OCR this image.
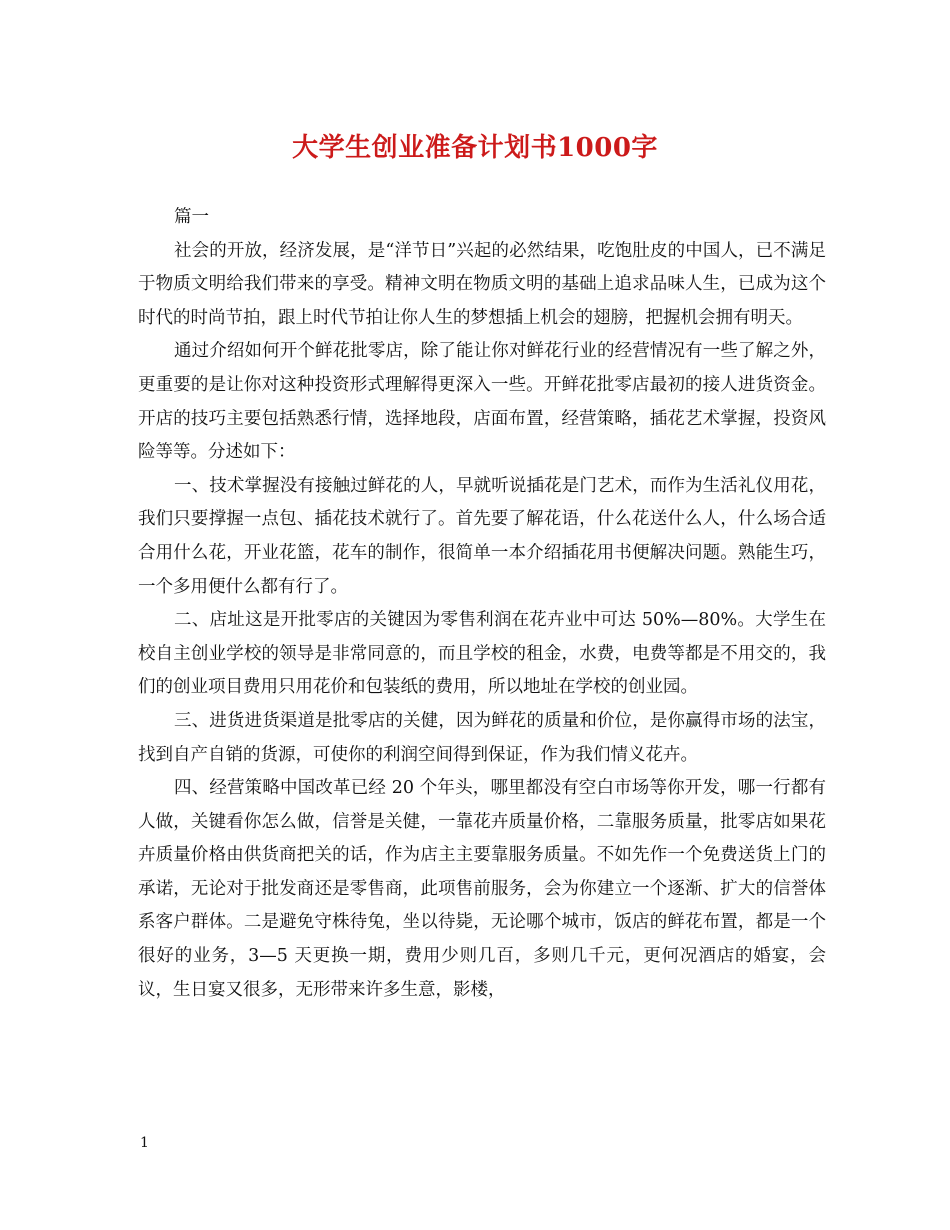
大学生创业准备计划书1000字

篇一

社会的开放，经济发展，是“洋节日”兴起的必然结果，吃饱肚皮的中国人，已不满足于物质文明给我们带来的享受。精神文明在物质文明的基础上追求品味人生，已成为这个时代的时尚节拍，跟上时代节拍让你人生的梦想插上机会的翅膀，把握机会拥有明天。

通过介绍如何开个鲜花批零店，除了能让你对鲜花行业的经营情况有一些了解之外，更重要的是让你对这种投资形式理解得更深入一些。开鲜花批零店最初的接人进货资金。开店的技巧主要包括熟悉行情，选择地段，店面布置，经营策略，插花艺术掌握，投资风险等等。分述如下：

一、技术掌握没有接触过鲜花的人，早就听说插花是门艺术，而作为生活礼仪用花，我们只要撑握一点包、插花技术就行了。首先要了解花语，什么花送什么人，什么场合适合用什么花，开业花篮，花车的制作，很简单一本介绍插花用书便解决问题。熟能生巧，一个多用便什么都有行了。

二、店址这是开批零店的关键因为零售利润在花卉业中可达 50%—80%。大学生在校自主创业学校的领导是非常同意的，而且学校的租金，水费，电费等都是不用交的，我们的创业项目费用只用花价和包装纸的费用，所以地址在学校的创业园。

三、进货进货渠道是批零店的关健，因为鲜花的质量和价位，是你赢得市场的法宝，找到自产自销的货源，可使你的利润空间得到保证，作为我们情义花卉。

四、经营策略中国改革已经 20 个年头，哪里都没有空白市场等你开发，哪一行都有人做，关键看你怎么做，信誉是关健，一靠花卉质量价格，二靠服务质量，批零店如果花卉质量价格由供货商把关的话，作为店主主要靠服务质量。不如先作一个免费送货上门的承诺，无论对于批发商还是零售商，此项售前服务，会为你建立一个逐渐、扩大的信誉体系客户群体。二是避免守株待兔，坐以待毙，无论哪个城市，饭店的鲜花布置，都是一个很好的业务，3—5 天更换一期，费用少则几百，多则几千元，更何况酒店的婚宴，会议，生日宴又很多，无形带来许多生意，影楼，

1
